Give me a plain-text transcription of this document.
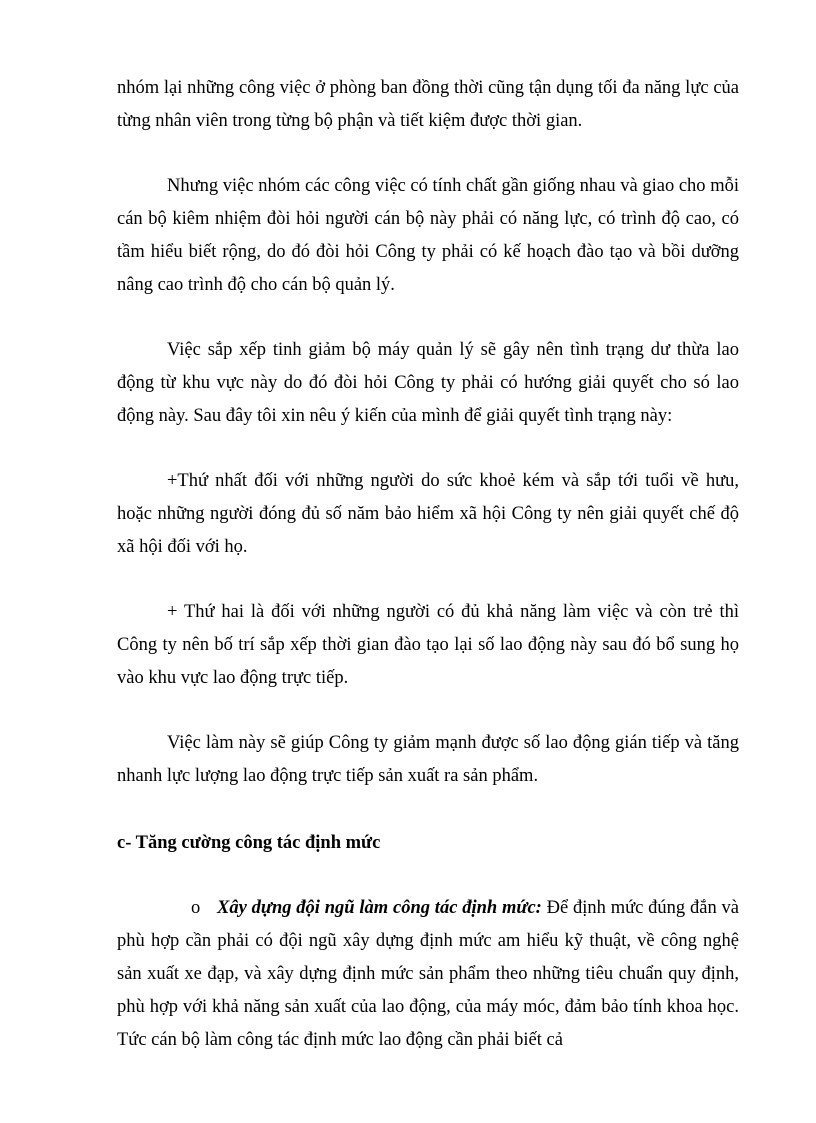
nhóm lại những công việc ở phòng ban đồng thời cũng tận dụng tối đa năng lực của từng nhân viên trong từng bộ phận và tiết kiệm được thời gian.

Nhưng việc nhóm các công việc có tính chất gần giống nhau và giao cho mỗi cán bộ kiêm nhiệm đòi hỏi người cán bộ này phải có năng lực, có trình độ cao, có tầm hiểu biết rộng, do đó đòi hỏi Công ty phải có kế hoạch đào tạo và bồi dưỡng nâng cao trình độ cho cán bộ quản lý.

Việc sắp xếp tinh giảm bộ máy quản lý sẽ gây nên tình trạng dư thừa lao động từ khu vực này do đó đòi hỏi Công ty phải có hướng giải quyết cho só lao động này. Sau đây tôi xin nêu ý kiến của mình để giải quyết tình trạng này:

+Thứ nhất đối với những người do sức khoẻ kém và sắp tới tuổi về hưu, hoặc những người đóng đủ số năm bảo hiểm xã hội Công ty nên giải quyết chế độ xã hội đối với họ.

+ Thứ hai là đối với những người có đủ khả năng làm việc và còn trẻ thì Công ty nên bố trí sắp xếp thời gian đào tạo lại số lao động này sau đó bổ sung họ vào khu vực lao động trực tiếp.

Việc làm này sẽ giúp Công ty giảm mạnh được số lao động gián tiếp và tăng nhanh lực lượng lao động trực tiếp sản xuất ra sản phẩm.

c- Tăng cường công tác định mức

o Xây dựng đội ngũ làm công tác định mức: Để định mức đúng đắn và phù hợp cần phải có đội ngũ xây dựng định mức am hiểu kỹ thuật, về công nghệ sản xuất xe đạp, và xây dựng định mức sản phẩm theo những tiêu chuẩn quy định, phù hợp với khả năng sản xuất của lao động, của máy móc, đảm bảo tính khoa học. Tức cán bộ làm công tác định mức lao động cần phải biết cả
